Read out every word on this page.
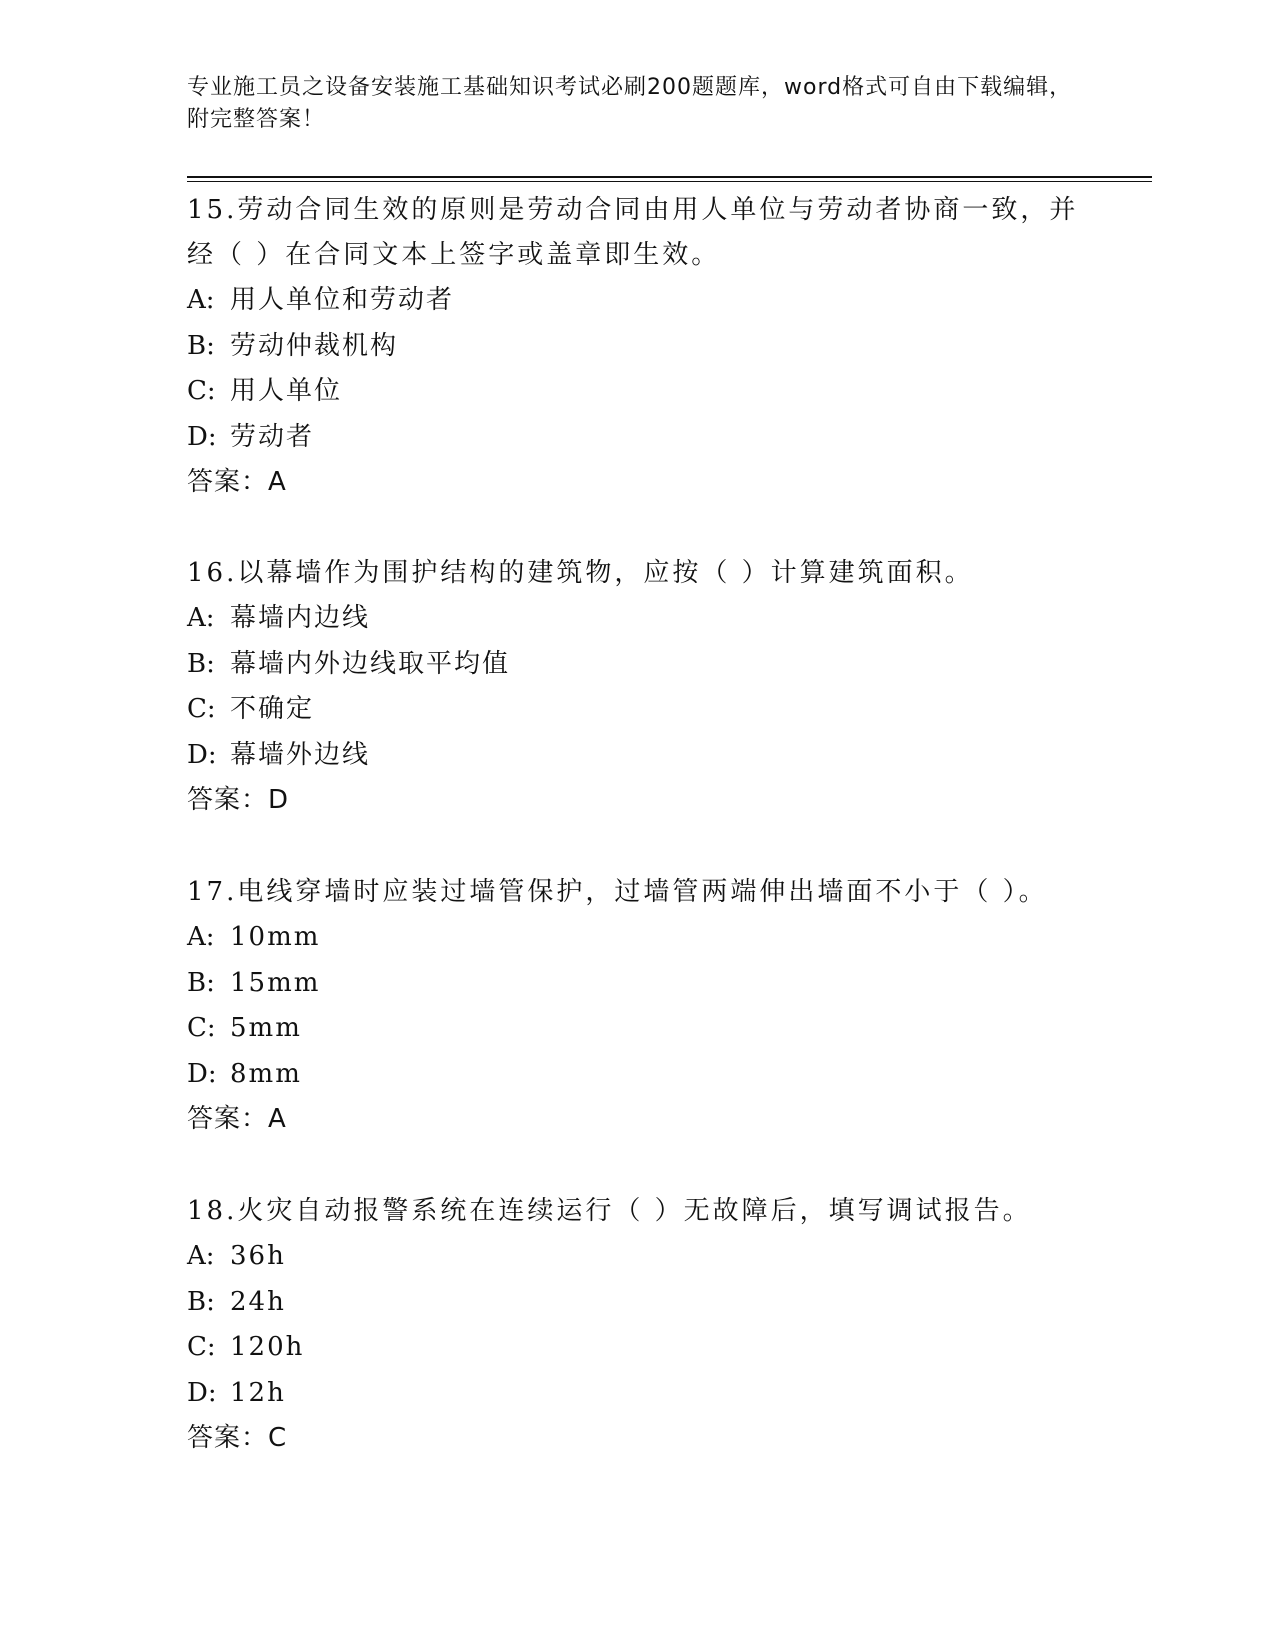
专业施工员之设备安装施工基础知识考试必刷200题题库，word格式可自由下载编辑，附完整答案！

15.劳动合同生效的原则是劳动合同由用人单位与劳动者协商一致，并经（ ）在合同文本上签字或盖章即生效。

A: 用人单位和劳动者

B: 劳动仲裁机构

C: 用人单位

D: 劳动者

答案：A

16.以幕墙作为围护结构的建筑物，应按（ ）计算建筑面积。

A: 幕墙内边线

B: 幕墙内外边线取平均值

C: 不确定

D: 幕墙外边线

答案：D

17.电线穿墙时应装过墙管保护，过墙管两端伸出墙面不小于（ ）。

A: 10mm

B: 15mm

C: 5mm

D: 8mm

答案：A

18.火灾自动报警系统在连续运行（ ）无故障后，填写调试报告。

A: 36h

B: 24h

C: 120h

D: 12h

答案：C
